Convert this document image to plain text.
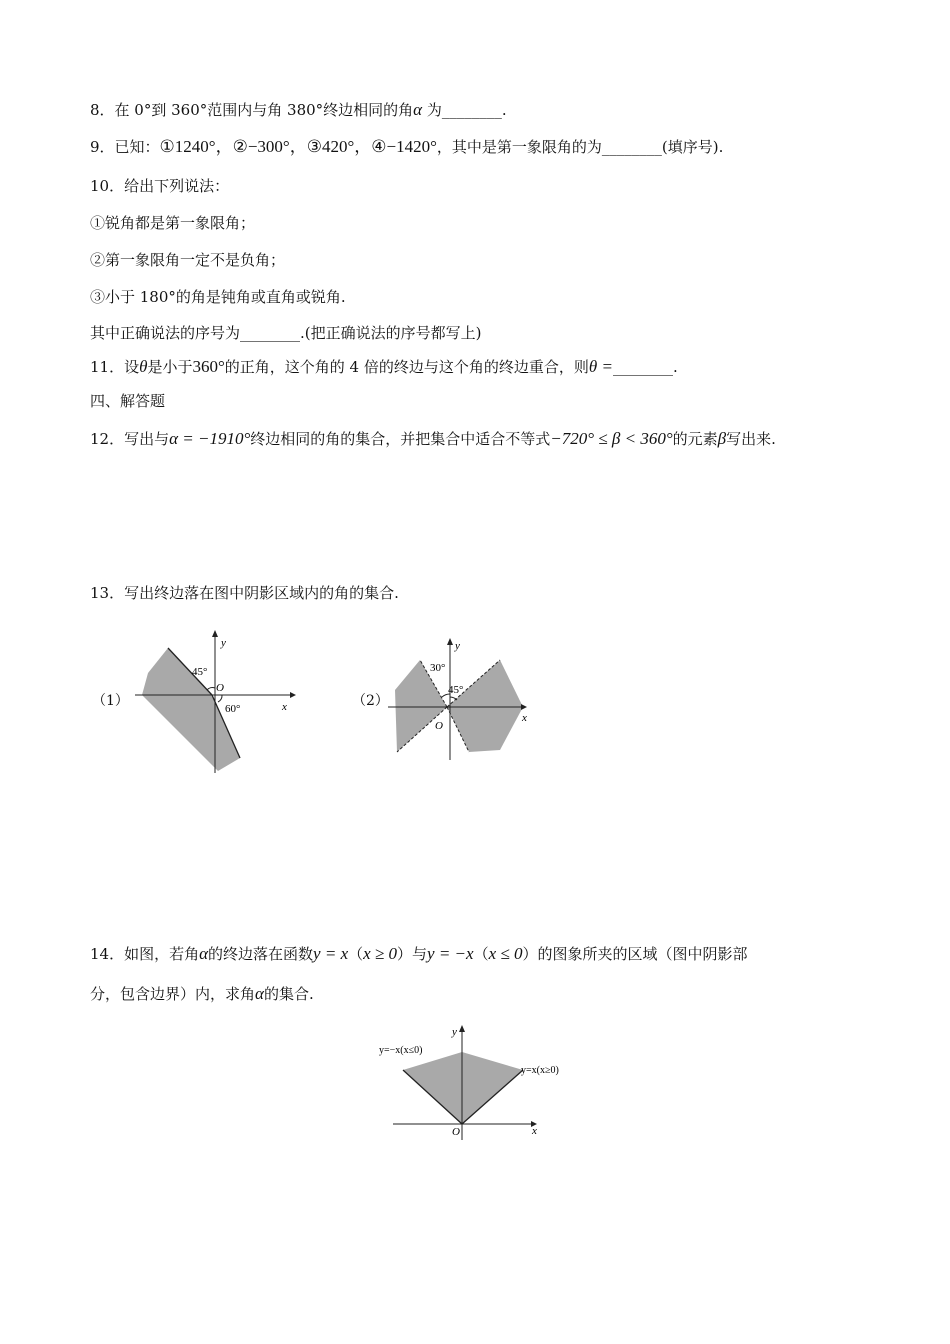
8．在 0°到 360°范围内与角 380°终边相同的角α 为________.
9．已知：①1240°，②−300°，③420°，④−1420°，其中是第一象限角的为________(填序号).
10．给出下列说法：
①锐角都是第一象限角；
②第一象限角一定不是负角；
③小于 180°的角是钝角或直角或锐角.
其中正确说法的序号为________.(把正确说法的序号都写上)
11．设θ是小于360°的正角，这个角的 4 倍的终边与这个角的终边重合，则θ =________.
四、解答题
12．写出与α = −1910°终边相同的角的集合，并把集合中适合不等式−720° ≤ β < 360°的元素β写出来.
13．写出终边落在图中阴影区域内的角的集合.
（1）
y
x
O
45°
60°	（2）
y
x
O
30°
45°
14．如图，若角α的终边落在函数y = x（x ≥ 0）与y = −x（x ≤ 0）的图象所夹的区域（图中阴影部
分，包含边界）内，求角α的集合.
y
x
O
y=−x(x≤0)
y=x(x≥0)
